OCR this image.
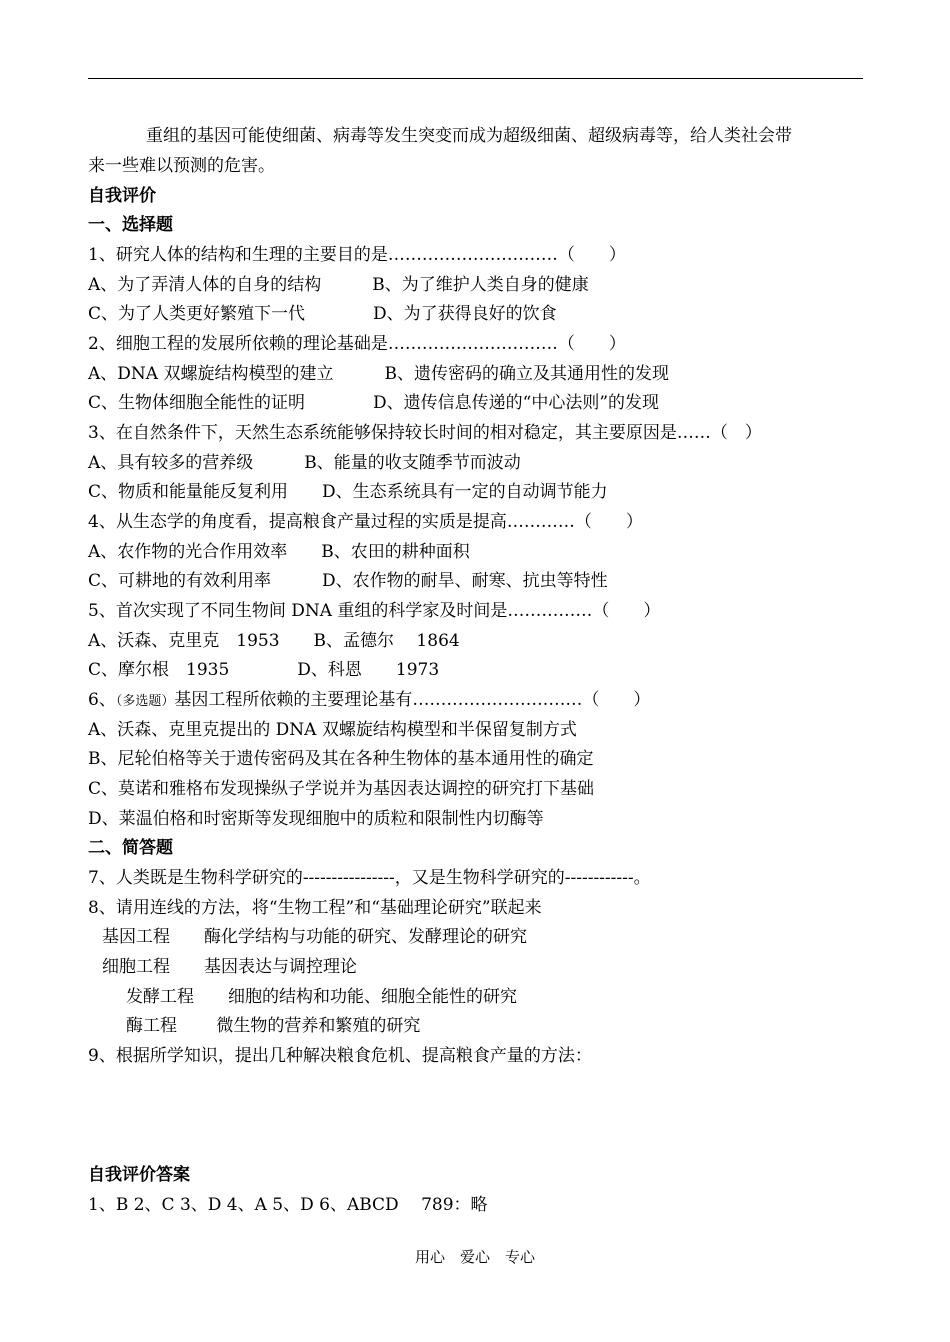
重组的基因可能使细菌、病毒等发生突变而成为超级细菌、超级病毒等，给人类社会带
来一些难以预测的危害。
自我评价
一、选择题
1、研究人体的结构和生理的主要目的是…………………………（　　）
A、为了弄清人体的自身的结构　　　B、为了维护人类自身的健康
C、为了人类更好繁殖下一代　　　　D、为了获得良好的饮食
2、细胞工程的发展所依赖的理论基础是…………………………（　　）
A、DNA 双螺旋结构模型的建立　　　B、遗传密码的确立及其通用性的发现
C、生物体细胞全能性的证明　　　　D、遗传信息传递的“中心法则”的发现
3、在自然条件下，天然生态系统能够保持较长时间的相对稳定，其主要原因是……（　）
A、具有较多的营养级　　　B、能量的收支随季节而波动
C、物质和能量能反复利用　　D、生态系统具有一定的自动调节能力
4、从生态学的角度看，提高粮食产量过程的实质是提高…………（　　）
A、农作物的光合作用效率　　B、农田的耕种面积
C、可耕地的有效利用率　　　D、农作物的耐旱、耐寒、抗虫等特性
5、首次实现了不同生物间 DNA 重组的科学家及时间是……………（　　）
A、沃森、克里克　1953　　B、孟德尔　 1864
C、摩尔根　1935　　　　D、科恩　　1973
6、（多选题）基因工程所依赖的主要理论基有…………………………（　　）
A、沃森、克里克提出的 DNA 双螺旋结构模型和半保留复制方式
B、尼轮伯格等关于遗传密码及其在各种生物体的基本通用性的确定
C、莫诺和雅格布发现操纵子学说并为基因表达调控的研究打下基础
D、莱温伯格和时密斯等发现细胞中的质粒和限制性内切酶等
二、简答题
7、人类既是生物科学研究的----------------，又是生物科学研究的------------。
8、请用连线的方法，将“生物工程”和“基础理论研究”联起来
基因工程　　酶化学结构与功能的研究、发酵理论的研究
细胞工程　　基因表达与调控理论
发酵工程　　细胞的结构和功能、细胞全能性的研究
酶工程　　 微生物的营养和繁殖的研究
9、根据所学知识，提出几种解决粮食危机、提高粮食产量的方法：
自我评价答案
1、B 2、C 3、D 4、A 5、D 6、ABCD　 789：略
用心　爱心　专心
